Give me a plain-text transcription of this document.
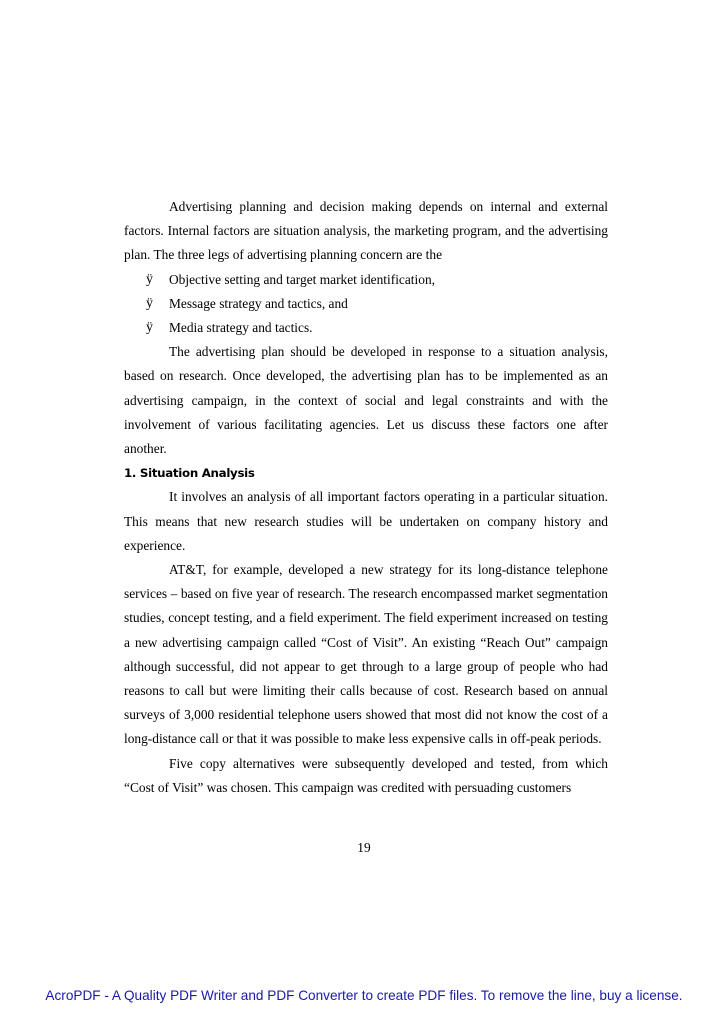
Advertising planning and decision making depends on internal and external factors. Internal factors are situation analysis, the marketing program, and the advertising plan. The three legs of advertising planning concern are the

ÿ Objective setting and target market identification,
ÿ Message strategy and tactics, and
ÿ Media strategy and tactics.

The advertising plan should be developed in response to a situation analysis, based on research. Once developed, the advertising plan has to be implemented as an advertising campaign, in the context of social and legal constraints and with the involvement of various facilitating agencies. Let us discuss these factors one after another.

1. Situation Analysis

It involves an analysis of all important factors operating in a particular situation. This means that new research studies will be undertaken on company history and experience.

AT&T, for example, developed a new strategy for its long-distance telephone services – based on five year of research. The research encompassed market segmentation studies, concept testing, and a field experiment. The field experiment increased on testing a new advertising campaign called “Cost of Visit”. An existing “Reach Out” campaign although successful, did not appear to get through to a large group of people who had reasons to call but were limiting their calls because of cost. Research based on annual surveys of 3,000 residential telephone users showed that most did not know the cost of a long-distance call or that it was possible to make less expensive calls in off-peak periods.

Five copy alternatives were subsequently developed and tested, from which “Cost of Visit” was chosen. This campaign was credited with persuading customers

19
AcroPDF - A Quality PDF Writer and PDF Converter to create PDF files. To remove the line, buy a license.
